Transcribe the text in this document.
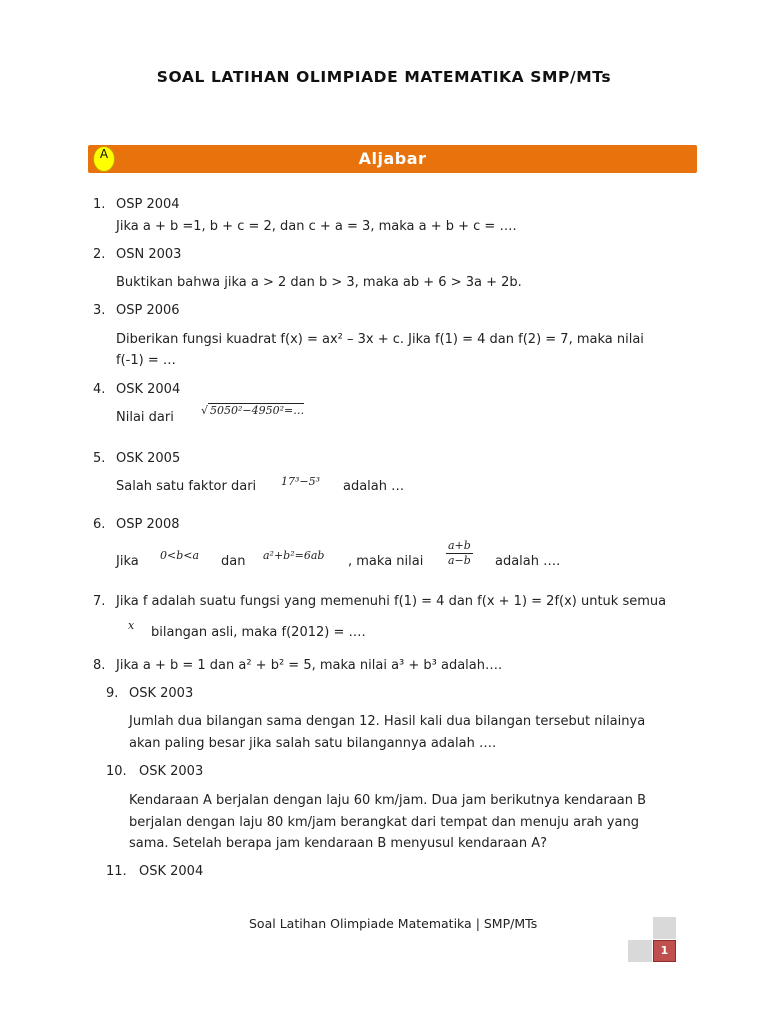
SOAL LATIHAN OLIMPIADE MATEMATIKA SMP/MTs
Aljabar
A
1. OSP 2004
Jika a + b =1, b + c = 2, dan c + a = 3, maka a + b + c = ….
2. OSN 2003
Buktikan bahwa jika a > 2 dan b > 3, maka ab + 6 > 3a + 2b.
3. OSP 2006
Diberikan fungsi kuadrat f(x) = ax² – 3x + c. Jika f(1) = 4 dan f(2) = 7, maka nilai
f(-1) = …
4. OSK 2004
Nilai dari √ 5050²−4950²=…
5. OSK 2005
Salah satu faktor dari 17³−5³ adalah …
6. OSP 2008
Jika 0<b<a dan a²+b²=6ab , maka nilai $\frac{a+b}{a-b}$ adalah ….
7. Jika f adalah suatu fungsi yang memenuhi f(1) = 4 dan f(x + 1) = 2f(x) untuk semua
x bilangan asli, maka f(2012) = ….
8. Jika a + b = 1 dan a² + b² = 5, maka nilai a³ + b³ adalah….
9. OSK 2003
Jumlah dua bilangan sama dengan 12. Hasil kali dua bilangan tersebut nilainya
akan paling besar jika salah satu bilangannya adalah ….
10. OSK 2003
Kendaraan A berjalan dengan laju 60 km/jam. Dua jam berikutnya kendaraan B
berjalan dengan laju 80 km/jam berangkat dari tempat dan menuju arah yang
sama. Setelah berapa jam kendaraan B menyusul kendaraan A?
11. OSK 2004
Soal Latihan Olimpiade Matematika | SMP/MTs
1
